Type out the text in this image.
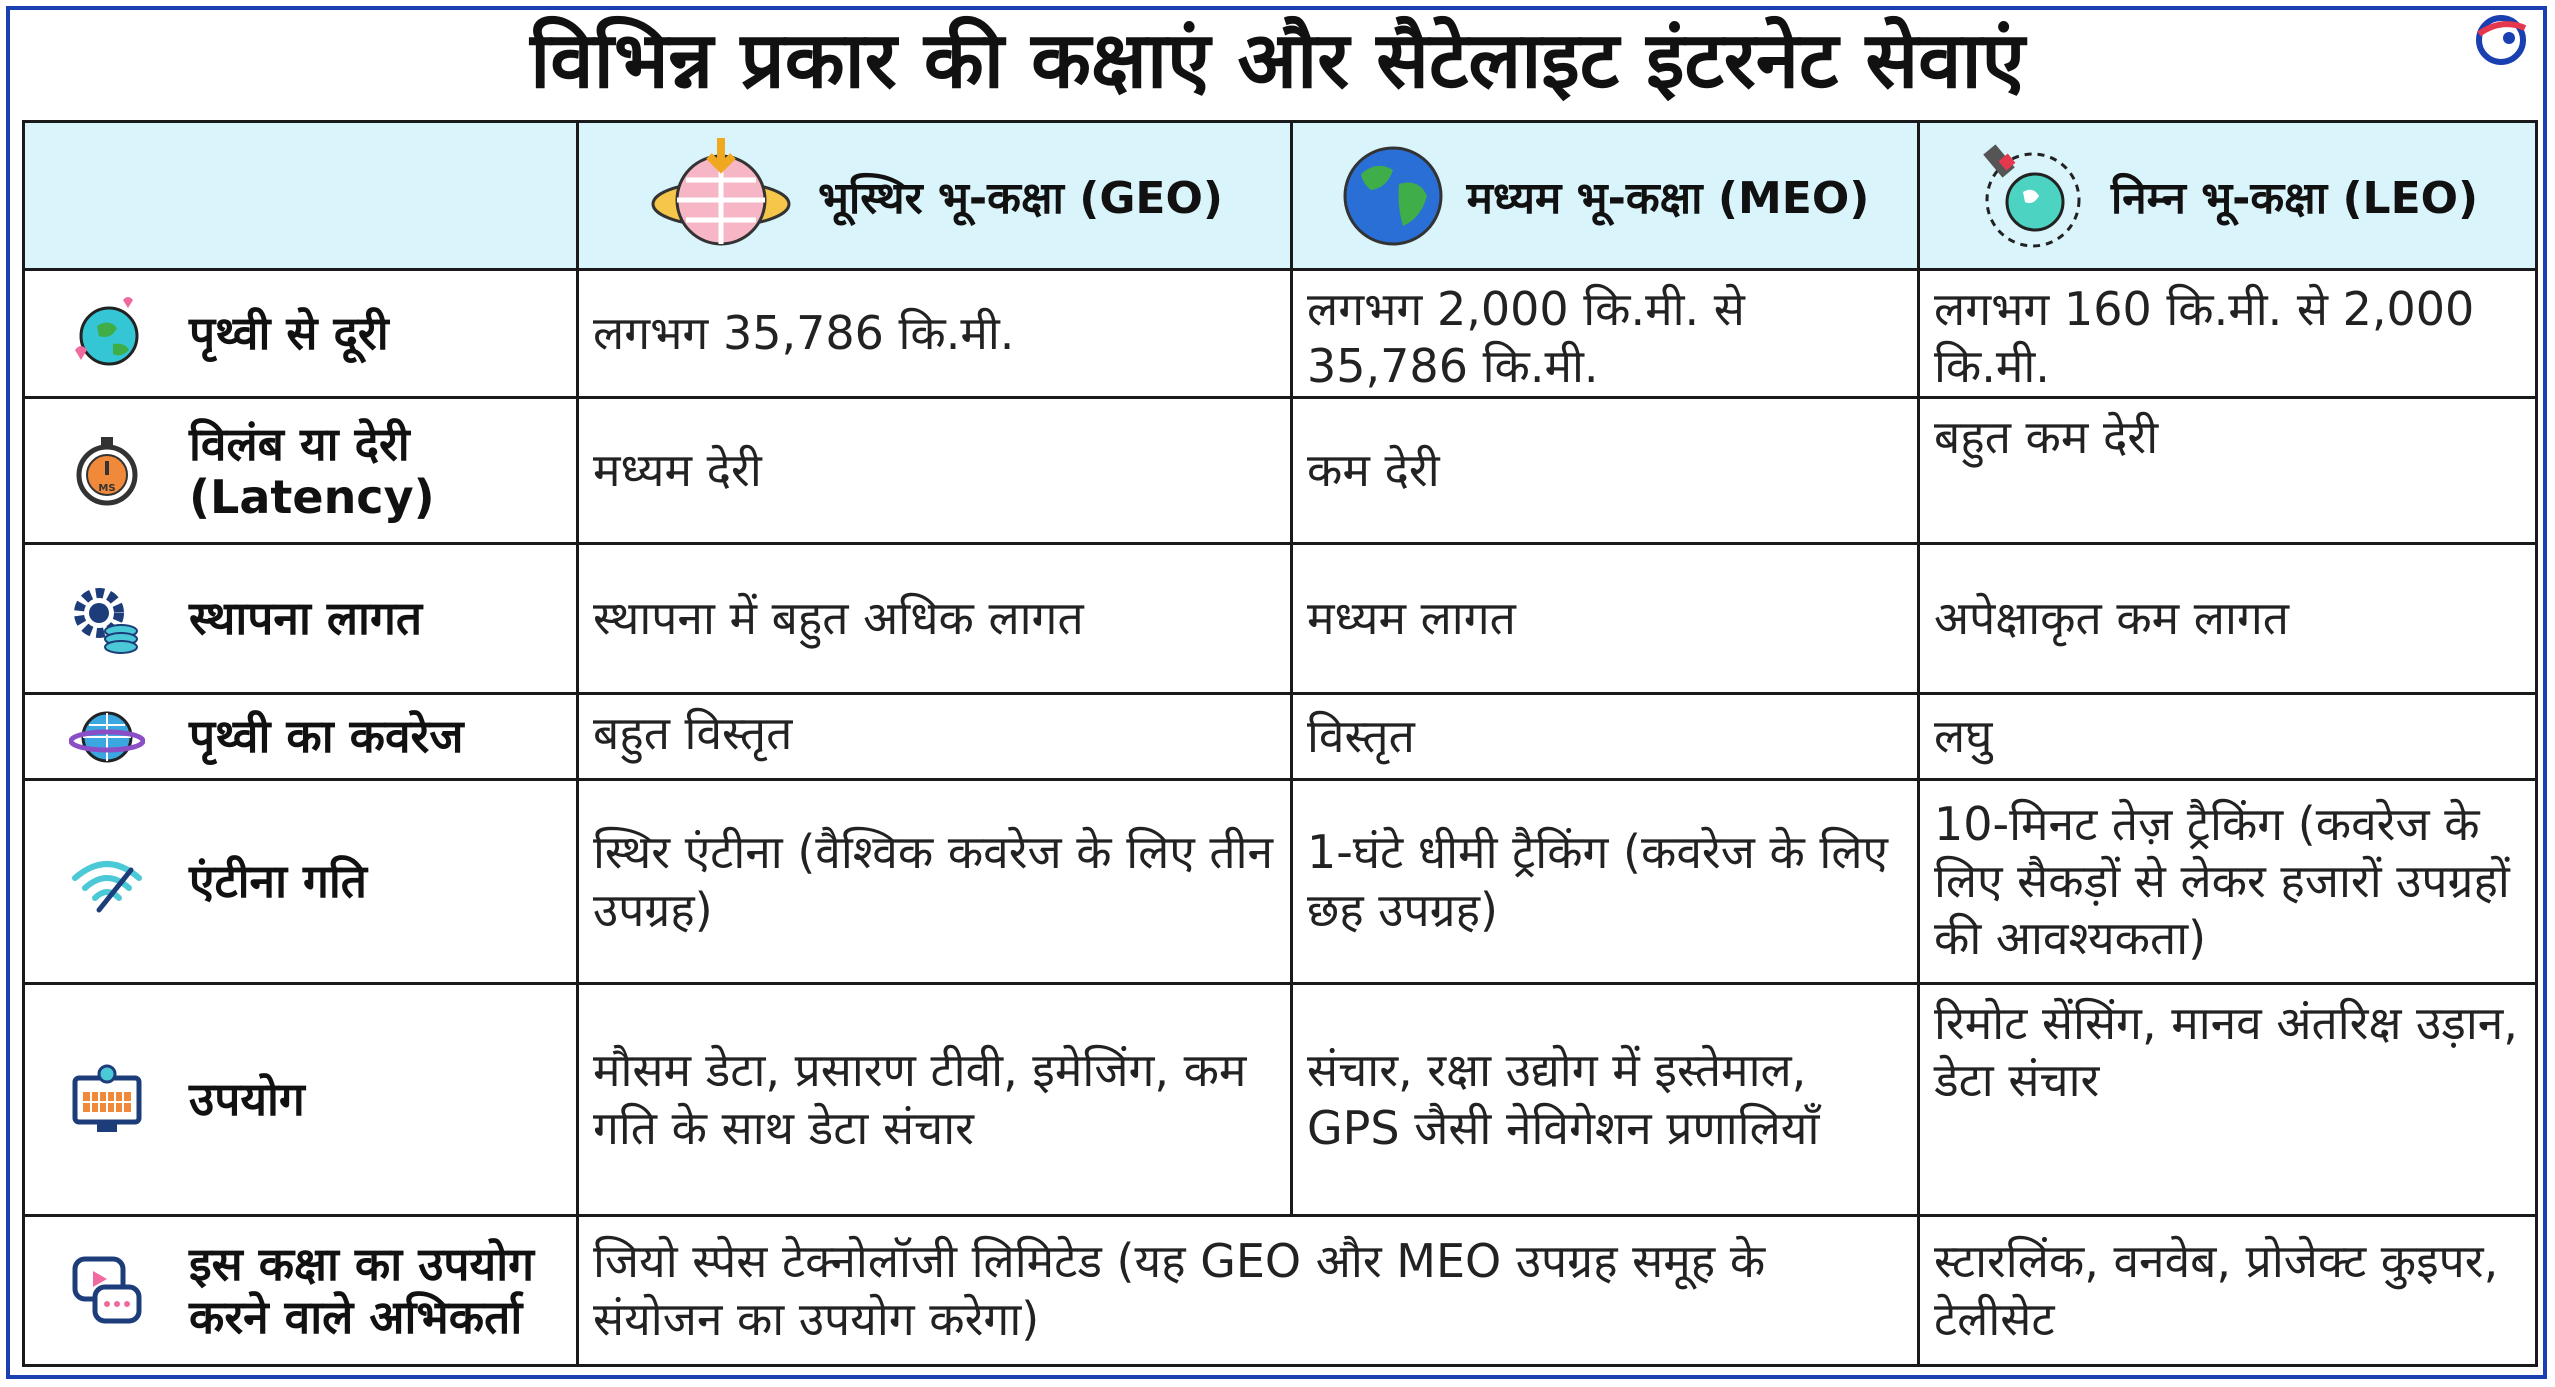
विभिन्न प्रकार की कक्षाएं और सैटेलाइट इंटरनेट सेवाएं

	भूस्थिर भू-कक्षा (GEO)	मध्यम भू-कक्षा (MEO)	निम्न भू-कक्षा (LEO)

पृथ्वी से दूरी	लगभग 35,786 कि.मी.	लगभग 2,000 कि.मी. से 35,786 कि.मी.	लगभग 160 कि.मी. से 2,000 कि.मी.

MS
विलंब या देरी (Latency)	मध्यम देरी	कम देरी	बहुत कम देरी

स्थापना लागत	स्थापना में बहुत अधिक लागत	मध्यम लागत	अपेक्षाकृत कम लागत

पृथ्वी का कवरेज	बहुत विस्तृत	विस्तृत	लघु

एंटीना गति	स्थिर एंटीना (वैश्विक कवरेज के लिए तीन उपग्रह)	1-घंटे धीमी ट्रैकिंग (कवरेज के लिए छह उपग्रह)	10-मिनट तेज़ ट्रैकिंग (कवरेज के लिए सैकड़ों से लेकर हजारों उपग्रहों की आवश्यकता)

उपयोग	मौसम डेटा, प्रसारण टीवी, इमेजिंग, कम गति के साथ डेटा संचार	संचार, रक्षा उद्योग में इस्तेमाल, GPS जैसी नेविगेशन प्रणालियाँ	रिमोट सेंसिंग, मानव अंतरिक्ष उड़ान, डेटा संचार

इस कक्षा का उपयोग करने वाले अभिकर्ता	जियो स्पेस टेक्नोलॉजी लिमिटेड (यह GEO और MEO उपग्रह समूह के संयोजन का उपयोग करेगा)		स्टारलिंक, वनवेब, प्रोजेक्ट कुइपर, टेलीसेट
